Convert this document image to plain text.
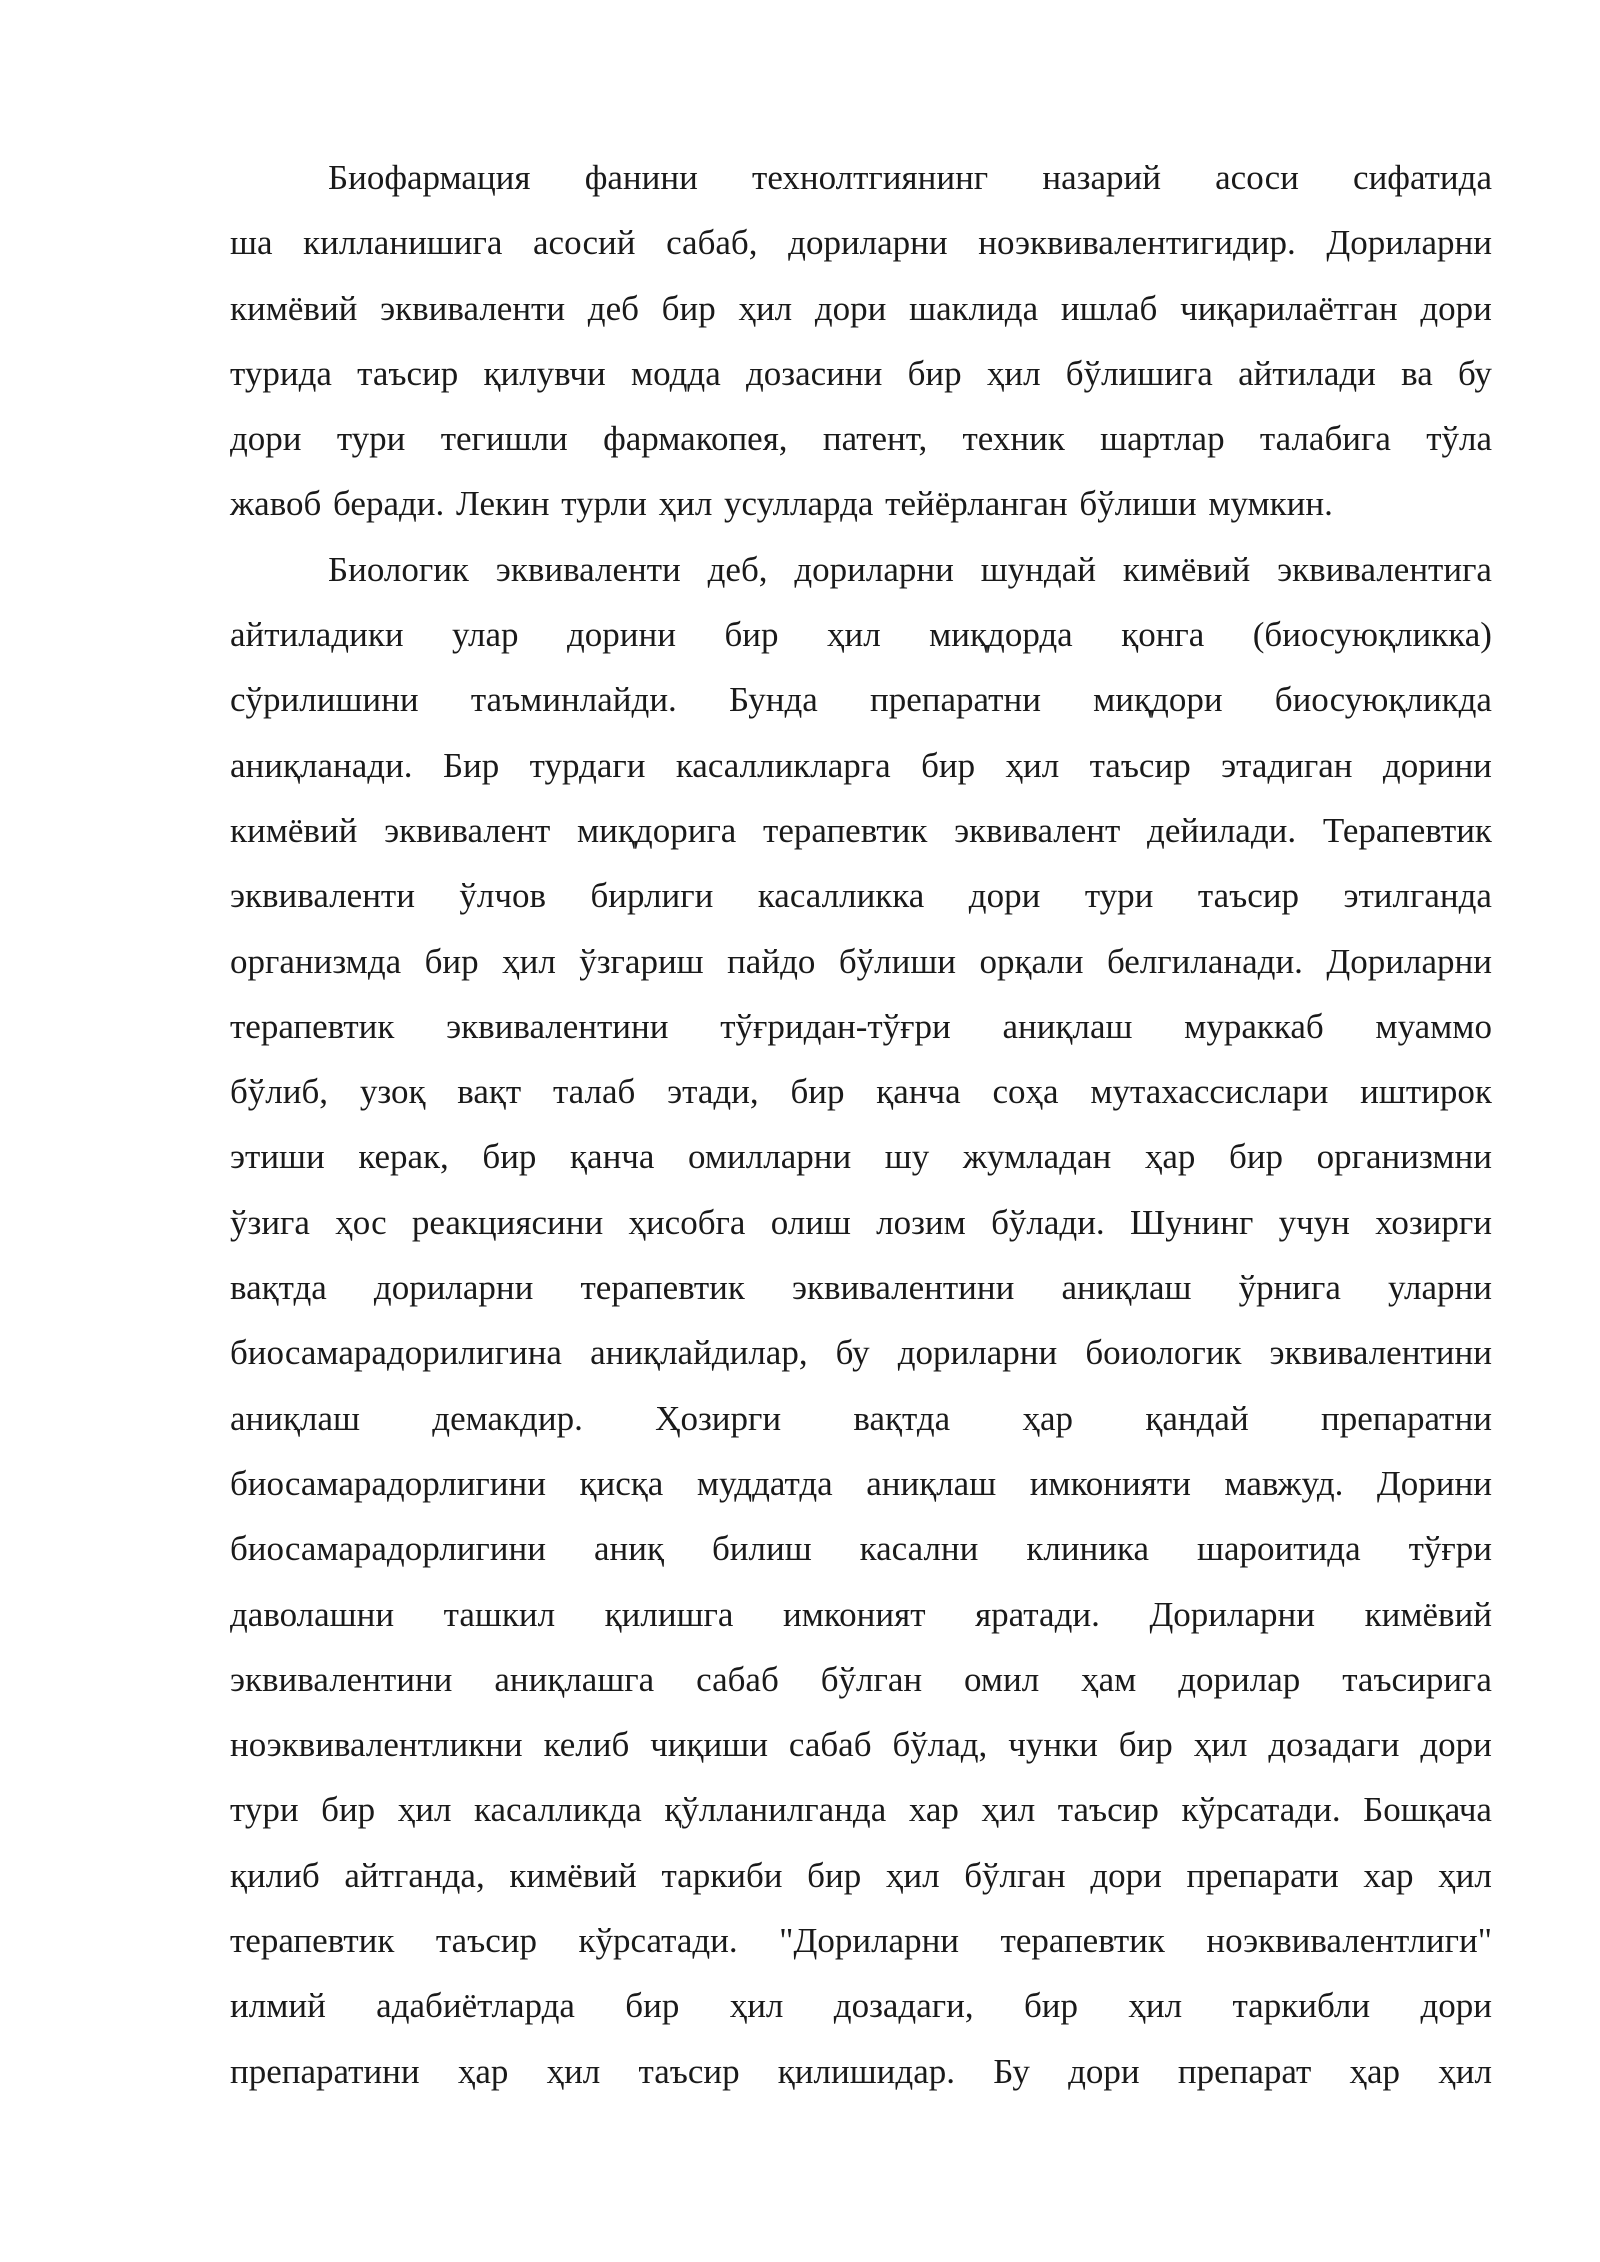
Биофармация фанини технолтгиянинг назарий асоси сифатида
ша килланишига асосий сабаб, дориларни ноэквивалентигидир. Дориларни
кимёвий эквиваленти деб бир ҳил дори шаклида ишлаб чиқарилаётган дори
турида таъсир қилувчи модда дозасини бир ҳил бўлишига айтилади ва бу
дори тури тегишли фармакопея, патент, техник шартлар талабига тўла
жавоб беради. Лекин турли ҳил усулларда тейёрланган бўлиши мумкин.
Биологик эквиваленти деб, дориларни шундай кимёвий эквивалентига
айтиладики улар дорини бир ҳил миқдорда қонга (биосуюқликка)
сўрилишини таъминлайди. Бунда препаратни миқдори биосуюқликда
аниқланади. Бир турдаги касалликларга бир ҳил таъсир этадиган дорини
кимёвий эквивалент миқдорига терапевтик эквивалент дейилади. Терапевтик
эквиваленти ўлчов бирлиги касалликка дори тури таъсир этилганда
организмда бир ҳил ўзгариш пайдо бўлиши орқали белгиланади. Дориларни
терапевтик эквивалентини тўғридан-тўғри аниқлаш мураккаб муаммо
бўлиб, узоқ вақт талаб этади, бир қанча соҳа мутахассислари иштирок
этиши керак, бир қанча омилларни шу жумладан ҳар бир организмни
ўзига ҳос реакциясини ҳисобга олиш лозим бўлади. Шунинг учун хозирги
вақтда дориларни терапевтик эквивалентини аниқлаш ўрнига уларни
биосамарадорилигина аниқлайдилар, бу дориларни боиологик эквивалентини
аниқлаш демакдир. Ҳозирги вақтда ҳар қандай препаратни
биосамарадорлигини қисқа муддатда аниқлаш имконияти мавжуд. Дорини
биосамарадорлигини аниқ билиш касални клиника шароитида тўғри
даволашни ташкил қилишга имконият яратади. Дориларни кимёвий
эквивалентини аниқлашга сабаб бўлган омил ҳам дорилар таъсирига
ноэквивалентликни келиб чиқиши сабаб бўлад, чунки бир ҳил дозадаги дори
тури бир ҳил касалликда қўлланилганда хар ҳил таъсир кўрсатади. Бошқача
қилиб айтганда, кимёвий таркиби бир ҳил бўлган дори препарати хар ҳил
терапевтик таъсир кўрсатади. "Дориларни терапевтик ноэквивалентлиги"
илмий адабиётларда бир ҳил дозадаги, бир ҳил таркибли дори
препаратини ҳар ҳил таъсир қилишидар. Бу дори препарат ҳар ҳил
